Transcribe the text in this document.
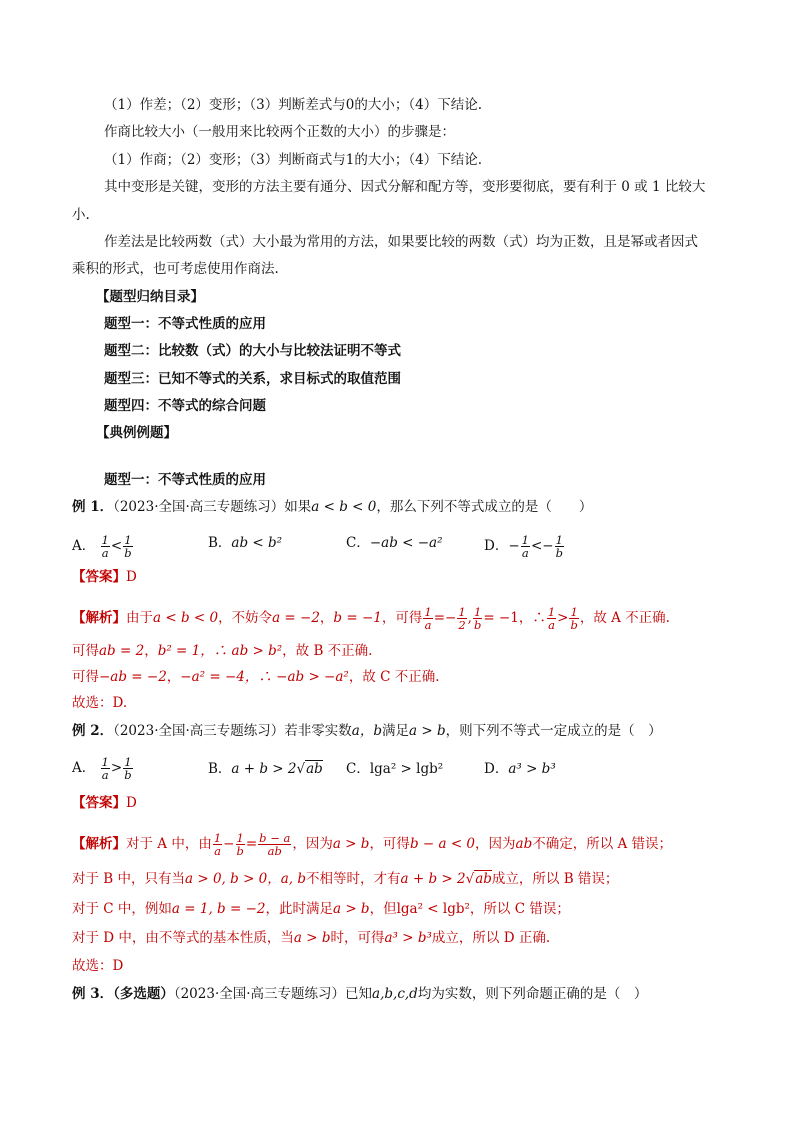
（1）作差；（2）变形；（3）判断差式与0的大小；（4）下结论.
作商比较大小（一般用来比较两个正数的大小）的步骤是：
（1）作商；（2）变形；（3）判断商式与1的大小；（4）下结论.
其中变形是关键，变形的方法主要有通分、因式分解和配方等，变形要彻底，要有利于 0 或 1 比较大
小.
作差法是比较两数（式）大小最为常用的方法，如果要比较的两数（式）均为正数，且是幂或者因式
乘积的形式，也可考虑使用作商法.
【题型归纳目录】
题型一：不等式性质的应用
题型二：比较数（式）的大小与比较法证明不等式
题型三：已知不等式的关系，求目标式的取值范围
题型四：不等式的综合问题
【典例例题】
题型一：不等式性质的应用
例 1．（2023·全国·高三专题练习）如果a < b < 0，那么下列不等式成立的是（　　）
A． $\frac{1}{a} < \frac{1}{b}$	B．ab < b²	C．−ab < −a²	D．− $\frac{1}{a} <- \frac{1}{b}$
【答案】D
【解析】由于a < b < 0，不妨令a = −2，b = −1，可得 $\frac{1}{a} =- \frac{1}{2}$ , $\frac{1}{b} = -1$，∴ $\frac{1}{a} > \frac{1}{b}$ ，故 A 不正确.
可得ab = 2，b² = 1，∴ ab > b²，故 B 不正确.
可得−ab = −2，−a² = −4，∴ −ab > −a²，故 C 不正确.
故选：D.
例 2．（2023·全国·高三专题练习）若非零实数a，b满足a > b，则下列不等式一定成立的是（　）
A． $\frac{1}{a} > \frac{1}{b}$	B．a + b > 2√ab C．lga² > lgb²	D．a³ > b³
【答案】D
【解析】对于 A 中，由 $\frac{1}{a} - \frac{1}{b} = \frac{b - a}{ab}$ ，因为a > b，可得b − a < 0，因为ab不确定，所以 A 错误；
对于 B 中，只有当a > 0, b > 0，a, b不相等时，才有a + b > 2√ab成立，所以 B 错误；
对于 C 中，例如a = 1, b = −2，此时满足a > b，但lga² < lgb²，所以 C 错误；
对于 D 中，由不等式的基本性质，当a > b时，可得a³ > b³成立，所以 D 正确.
故选：D
例 3．（多选题）（2023·全国·高三专题练习）已知a,b,c,d均为实数，则下列命题正确的是（　）
